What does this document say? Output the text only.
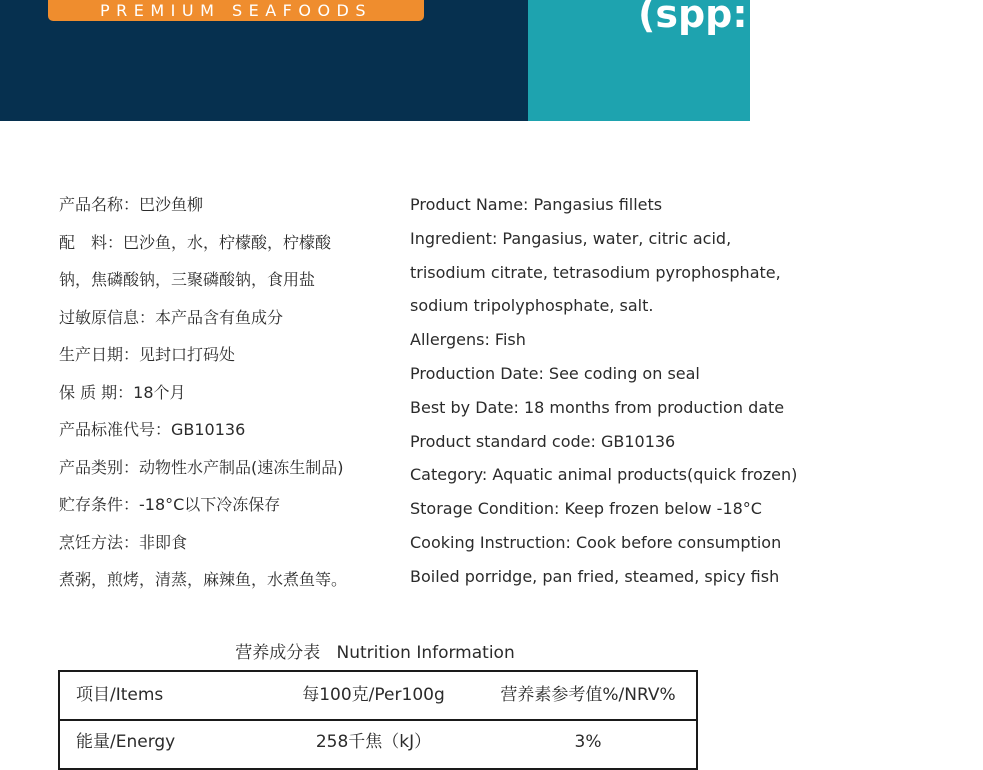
PREMIUM SEAFOODS	(spp:Pangasius)
产品名称：巴沙鱼柳
配　料：巴沙鱼，水，柠檬酸，柠檬酸
钠，焦磷酸钠，三聚磷酸钠，食用盐
过敏原信息：本产品含有鱼成分
生产日期：见封口打码处
保 质 期：18个月
产品标准代号：GB10136
产品类别：动物性水产制品(速冻生制品)
贮存条件：-18°C以下冷冻保存
烹饪方法：非即食
煮粥，煎烤，清蒸，麻辣鱼，水煮鱼等。
Product Name: Pangasius fillets
Ingredient: Pangasius, water, citric acid,
trisodium citrate, tetrasodium pyrophosphate,
sodium tripolyphosphate, salt.
Allergens: Fish
Production Date: See coding on seal
Best by Date: 18 months from production date
Product standard code: GB10136
Category: Aquatic animal products(quick frozen)
Storage Condition: Keep frozen below -18°C
Cooking Instruction: Cook before consumption
Boiled porridge, pan fried, steamed, spicy fish
营养成分表   Nutrition Information
项目/Items	每100克/Per100g	营养素参考值%/NRV%
能量/Energy	258千焦（kJ）	3%
